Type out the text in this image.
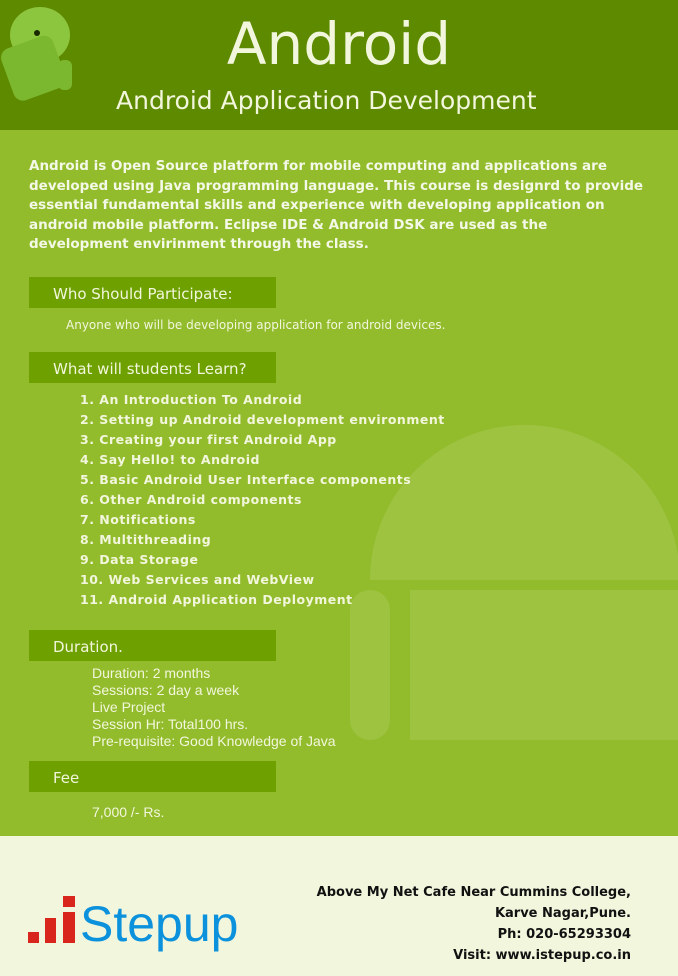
Android
Android Application Development
Android is Open Source platform for mobile computing and applications are developed using Java programming language. This course is designrd to provide essential fundamental skills and experience with developing application on android mobile platform. Eclipse IDE & Android DSK are used as the development envirinment through the class.
Who Should Participate:
Anyone who will be developing application for android devices.
What will students Learn?
1. An Introduction To Android
2. Setting up Android development environment
3. Creating your first Android App
4. Say Hello! to Android
5. Basic Android User Interface components
6. Other Android components
7. Notifications
8. Multithreading
9. Data Storage
10. Web Services and WebView
11. Android Application Deployment
Duration.
Duration: 2 months
Sessions: 2 day a week
Live Project
Session Hr: Total100 hrs.
Pre-requisite: Good Knowledge of Java
Fee
7,000 /- Rs.
Stepup
Above My Net Cafe Near Cummins College,
Karve Nagar,Pune.
Ph: 020-65293304
Visit: www.istepup.co.in
